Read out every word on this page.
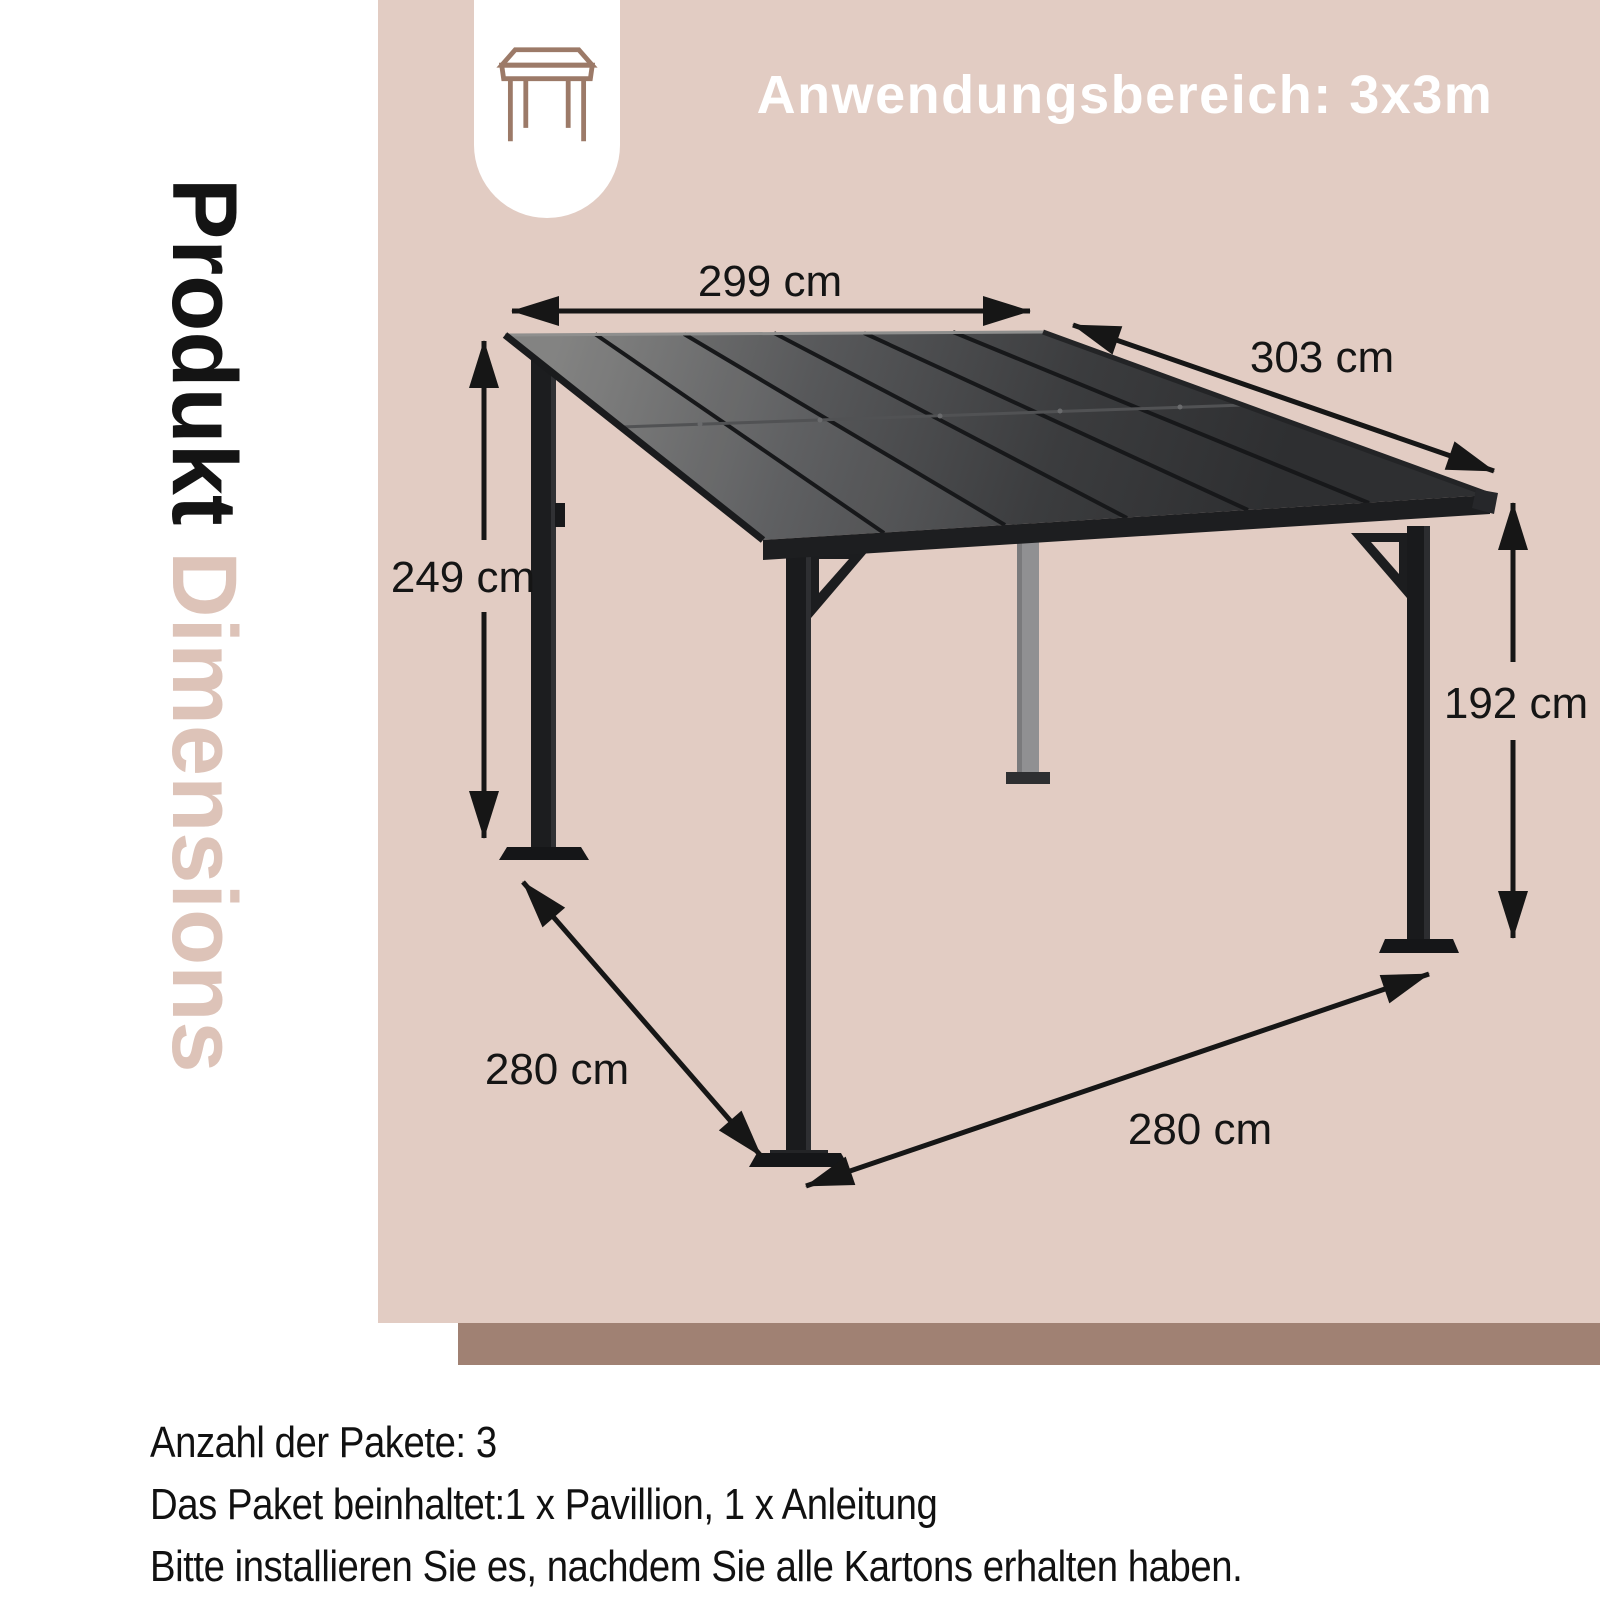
Anwendungsbereich: 3x3m
Produkt Dimensions
299 cm
303 cm
249 cm
192 cm
280 cm
280 cm
Anzahl der Pakete: 3
Das Paket beinhaltet:1 x Pavillion, 1 x Anleitung
Bitte installieren Sie es, nachdem Sie alle Kartons erhalten haben.
